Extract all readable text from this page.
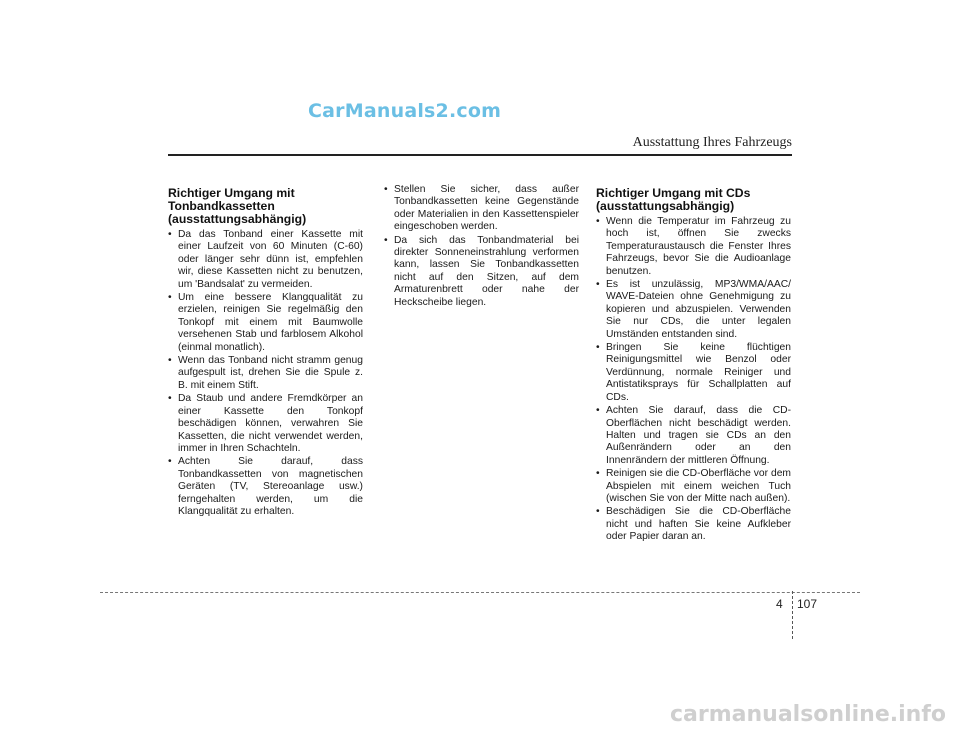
CarManuals2.com
Ausstattung Ihres Fahrzeugs
Richtiger Umgang mit Tonbandkassetten (ausstattungsabhängig)
• Da das Tonband einer Kassette mit einer Laufzeit von 60 Minuten (C-60) oder länger sehr dünn ist, empfehlen wir, diese Kassetten nicht zu benutzen, um 'Bandsalat' zu vermeiden.
• Um eine bessere Klangqualität zu erzielen, reinigen Sie regelmäßig den Tonkopf mit einem mit Baumwolle versehenen Stab und farblosem Alkohol (einmal monatlich).
• Wenn das Tonband nicht stramm genug aufgespult ist, drehen Sie die Spule z. B. mit einem Stift.
• Da Staub und andere Fremdkörper an einer Kassette den Tonkopf beschädigen können, verwahren Sie Kassetten, die nicht verwendet werden, immer in Ihren Schachteln.
• Achten Sie darauf, dass Tonbandkassetten von magnetischen Geräten (TV, Stereoanlage usw.) ferngehalten werden, um die Klangqualität zu erhalten.
• Stellen Sie sicher, dass außer Tonbandkassetten keine Gegenstände oder Materialien in den Kassettenspieler eingeschoben werden.
• Da sich das Tonbandmaterial bei direkter Sonneneinstrahlung verformen kann, lassen Sie Tonbandkassetten nicht auf den Sitzen, auf dem Armaturenbrett oder nahe der Heckscheibe liegen.
Richtiger Umgang mit CDs (ausstattungsabhängig)
• Wenn die Temperatur im Fahrzeug zu hoch ist, öffnen Sie zwecks Temperaturaustausch die Fenster Ihres Fahrzeugs, bevor Sie die Audioanlage benutzen.
• Es ist unzulässig, MP3/WMA/AAC/ WAVE-Dateien ohne Genehmigung zu kopieren und abzuspielen. Verwenden Sie nur CDs, die unter legalen Umständen entstanden sind.
• Bringen Sie keine flüchtigen Reinigungsmittel wie Benzol oder Verdünnung, normale Reiniger und Antistatiksprays für Schallplatten auf CDs.
• Achten Sie darauf, dass die CD-Oberflächen nicht beschädigt werden. Halten und tragen sie CDs an den Außenrändern oder an den Innenrändern der mittleren Öffnung.
• Reinigen sie die CD-Oberfläche vor dem Abspielen mit einem weichen Tuch (wischen Sie von der Mitte nach außen).
• Beschädigen Sie die CD-Oberfläche nicht und haften Sie keine Aufkleber oder Papier daran an.
4 107
carmanualsonline.info
